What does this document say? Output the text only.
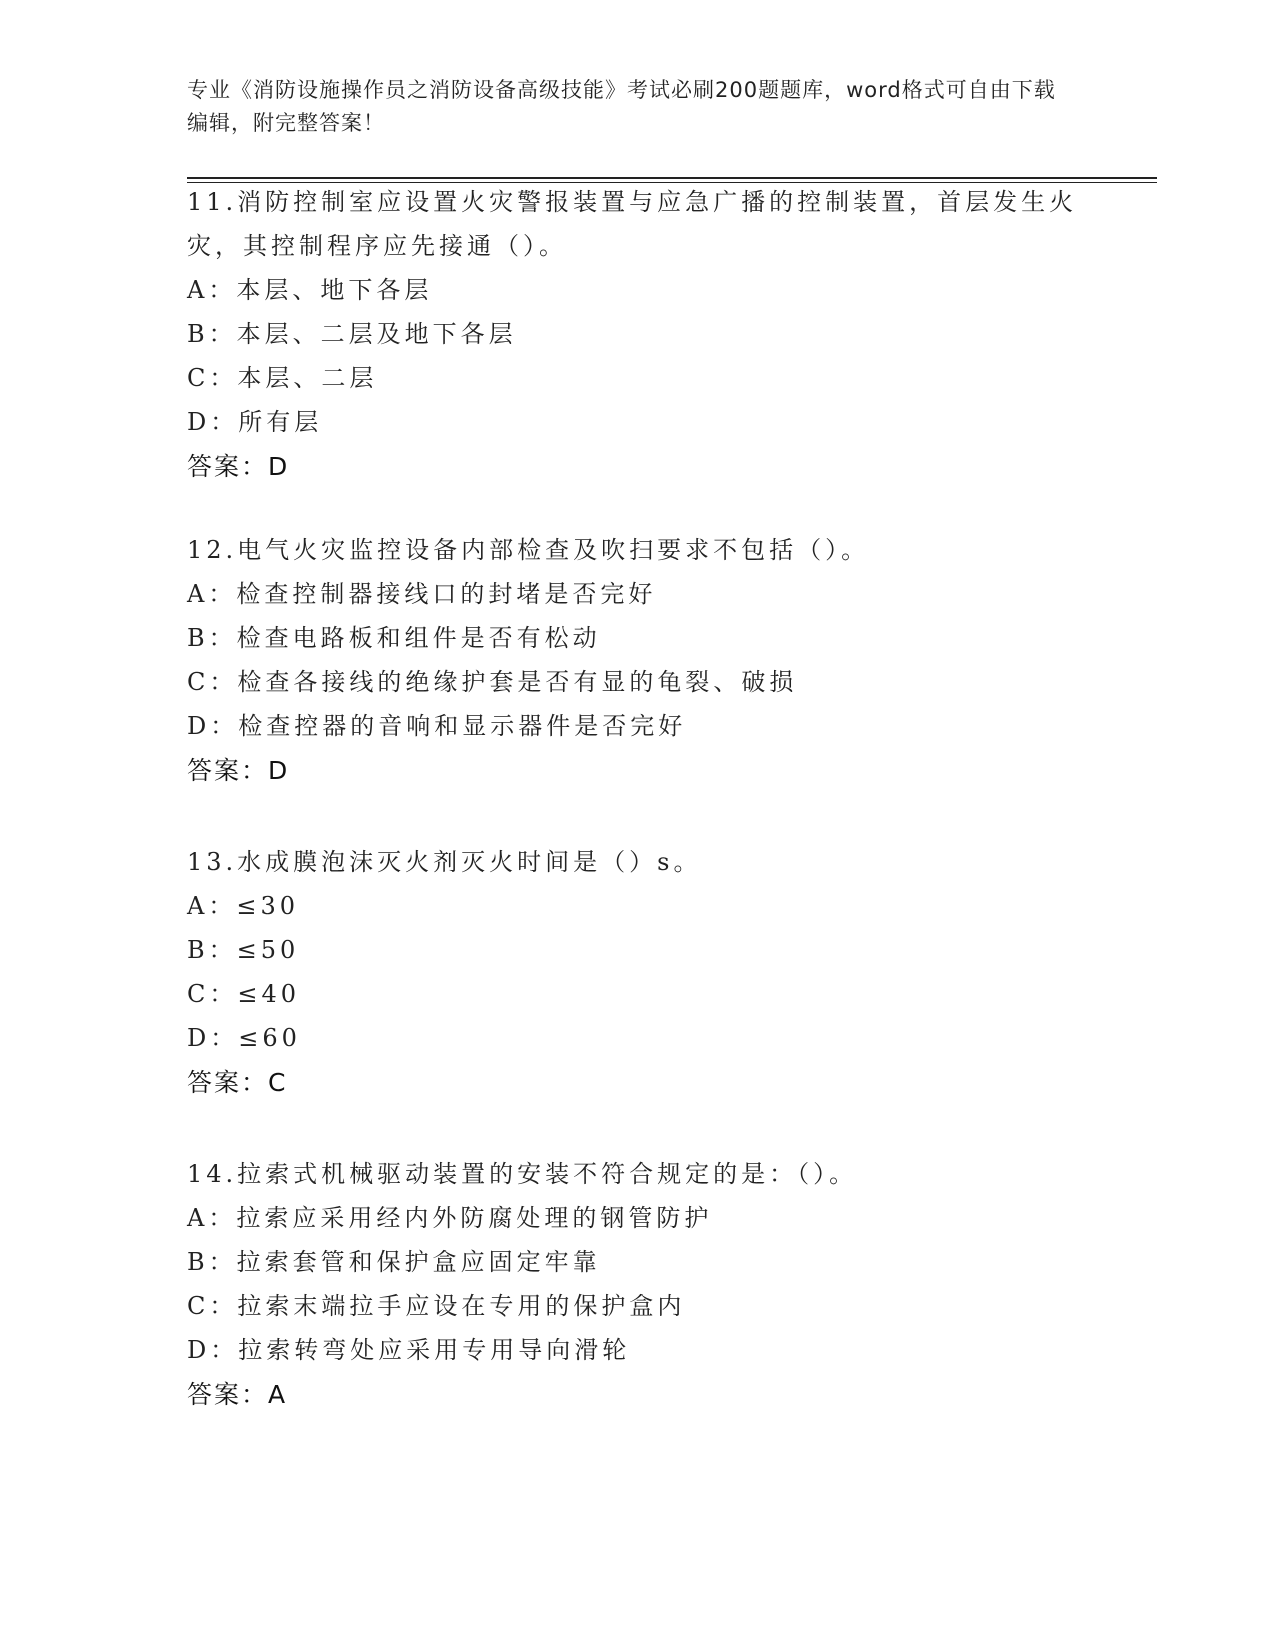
专业《消防设施操作员之消防设备高级技能》考试必刷200题题库，word格式可自由下载编辑，附完整答案！

11.消防控制室应设置火灾警报装置与应急广播的控制装置，首层发生火灾，其控制程序应先接通（）。

A：本层、地下各层

B：本层、二层及地下各层

C：本层、二层

D：所有层

答案：D

12.电气火灾监控设备内部检查及吹扫要求不包括（）。

A：检查控制器接线口的封堵是否完好

B：检查电路板和组件是否有松动

C：检查各接线的绝缘护套是否有显的龟裂、破损

D：检查控器的音响和显示器件是否完好

答案：D

13.水成膜泡沫灭火剂灭火时间是（）s。

A：≤30

B：≤50

C：≤40

D：≤60

答案：C

14.拉索式机械驱动装置的安装不符合规定的是：（）。

A：拉索应采用经内外防腐处理的钢管防护

B：拉索套管和保护盒应固定牢靠

C：拉索末端拉手应设在专用的保护盒内

D：拉索转弯处应采用专用导向滑轮

答案：A
